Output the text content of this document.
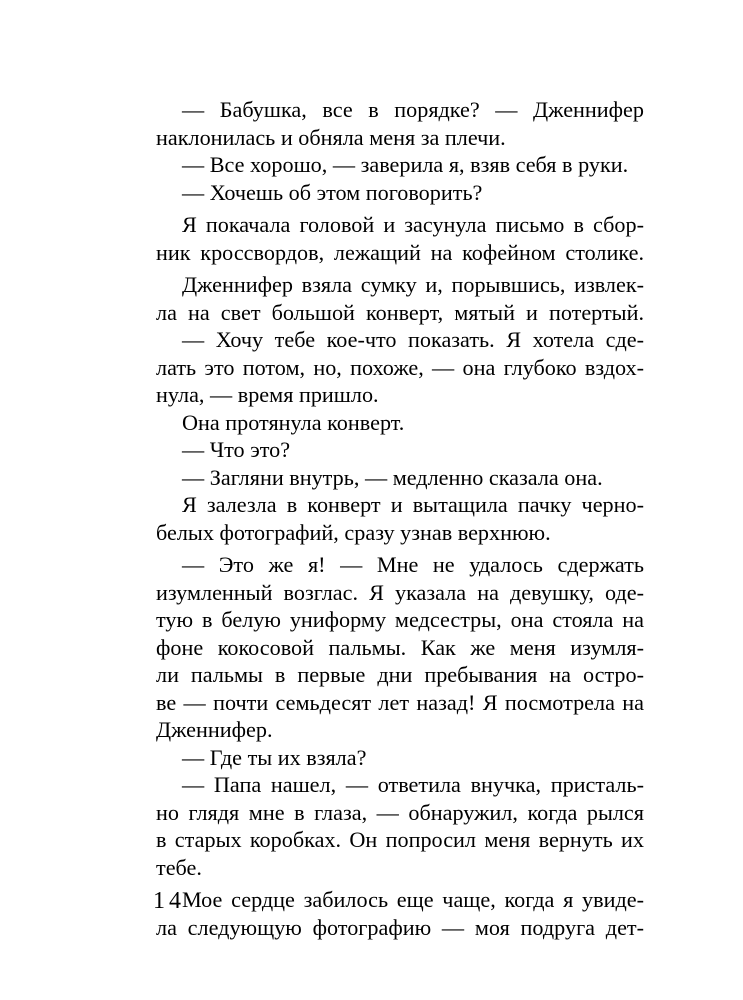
— Бабушка, все в порядке? — Дженнифер
наклонилась и обняла меня за плечи.
— Все хорошо, — заверила я, взяв себя в руки.
— Хочешь об этом поговорить?
Я покачала головой и засунула письмо в сбор-
ник кроссвордов, лежащий на кофейном столике.
Дженнифер взяла сумку и, порывшись, извлек-
ла на свет большой конверт, мятый и потертый.
— Хочу тебе кое-что показать. Я хотела сде-
лать это потом, но, похоже, — она глубоко вздох-
нула, — время пришло.
Она протянула конверт.
— Что это?
— Загляни внутрь, — медленно сказала она.
Я залезла в конверт и вытащила пачку черно-
белых фотографий, сразу узнав верхнюю.
— Это же я! — Мне не удалось сдержать
изумленный возглас. Я указала на девушку, оде-
тую в белую униформу медсестры, она стояла на
фоне кокосовой пальмы. Как же меня изумля-
ли пальмы в первые дни пребывания на остро-
ве — почти семьдесят лет назад! Я посмотрела на
Дженнифер.
— Где ты их взяла?
— Папа нашел, — ответила внучка, присталь-
но глядя мне в глаза, — обнаружил, когда рылся
в старых коробках. Он попросил меня вернуть их
тебе.
Мое сердце забилось еще чаще, когда я увиде-
ла следующую фотографию — моя подруга дет-
14
